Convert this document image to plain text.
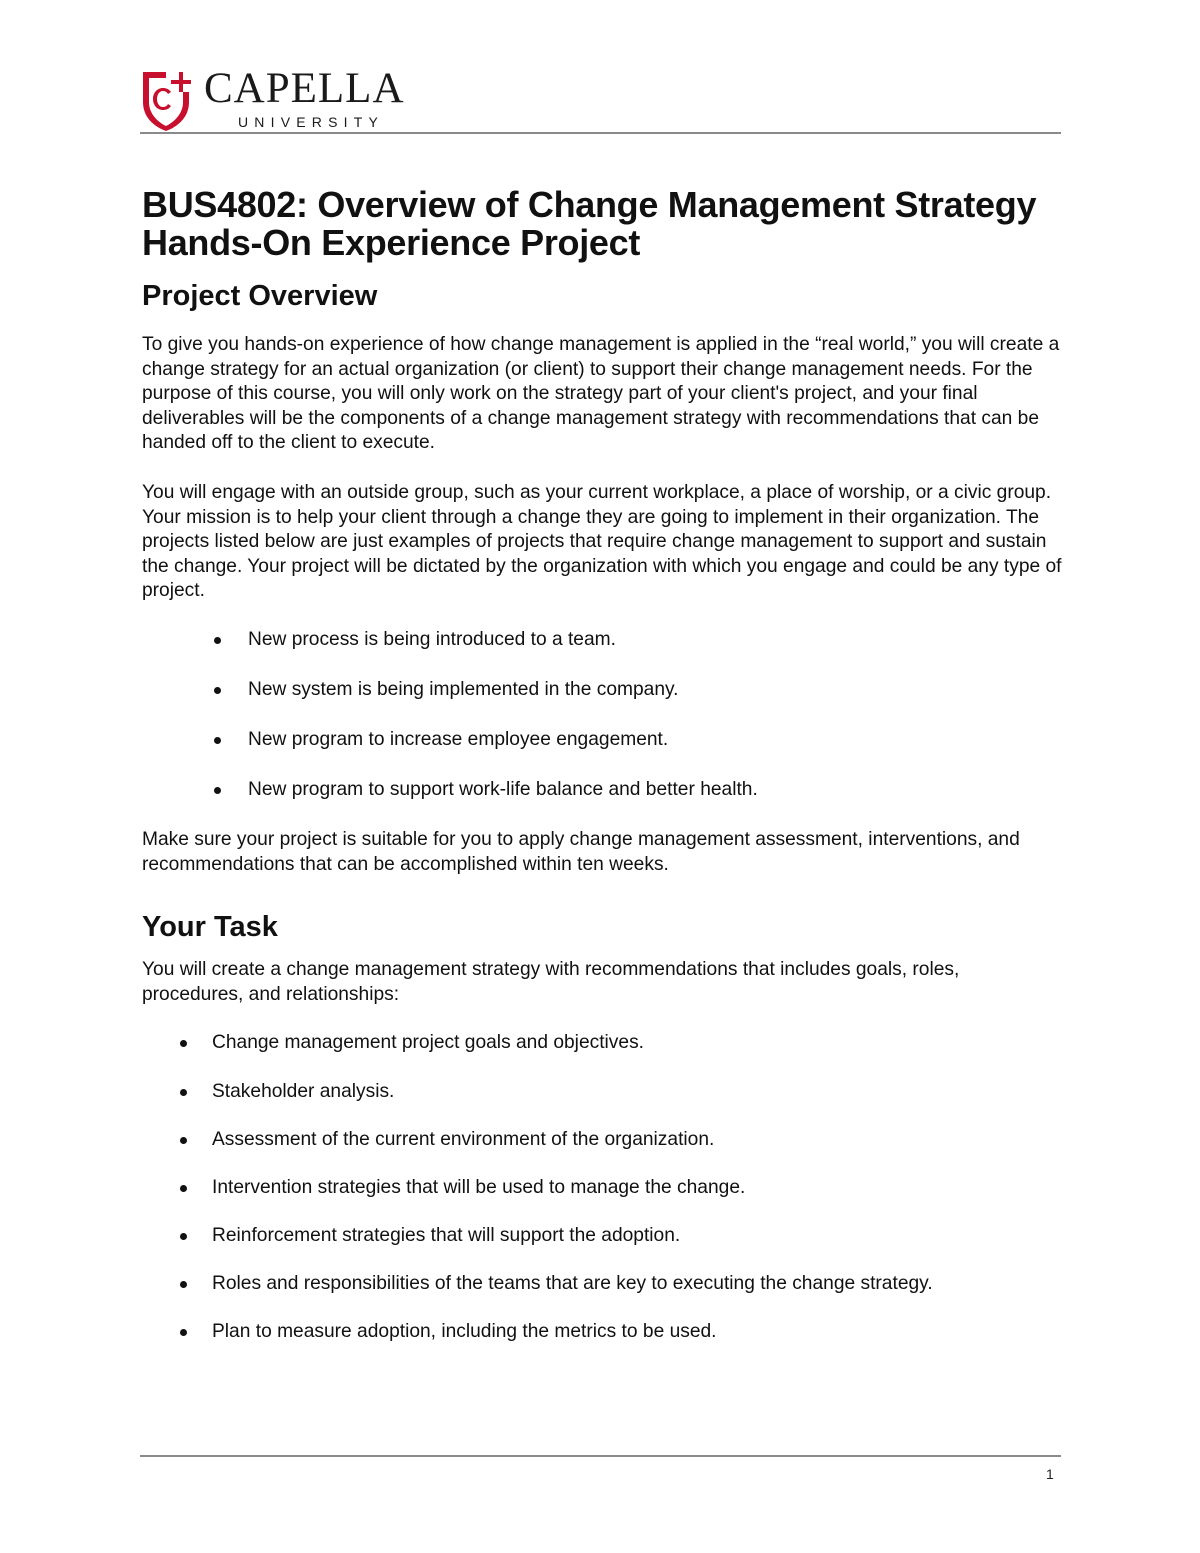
CAPELLA
UNIVERSITY
BUS4802: Overview of Change Management Strategy
Hands-On Experience Project
Project Overview

To give you hands-on experience of how change management is applied in the “real world,” you will create a change strategy for an actual organization (or client) to support their change management needs. For the purpose of this course, you will only work on the strategy part of your client's project, and your final deliverables will be the components of a change management strategy with recommendations that can be handed off to the client to execute.

You will engage with an outside group, such as your current workplace, a place of worship, or a civic group. Your mission is to help your client through a change they are going to implement in their organization. The projects listed below are just examples of projects that require change management to support and sustain the change. Your project will be dictated by the organization with which you engage and could be any type of project.

New process is being introduced to a team.
New system is being implemented in the company.
New program to increase employee engagement.
New program to support work-life balance and better health.

Make sure your project is suitable for you to apply change management assessment, interventions, and recommendations that can be accomplished within ten weeks.

Your Task

You will create a change management strategy with recommendations that includes goals, roles, procedures, and relationships:

Change management project goals and objectives.
Stakeholder analysis.
Assessment of the current environment of the organization.
Intervention strategies that will be used to manage the change.
Reinforcement strategies that will support the adoption.
Roles and responsibilities of the teams that are key to executing the change strategy.
Plan to measure adoption, including the metrics to be used.
1
